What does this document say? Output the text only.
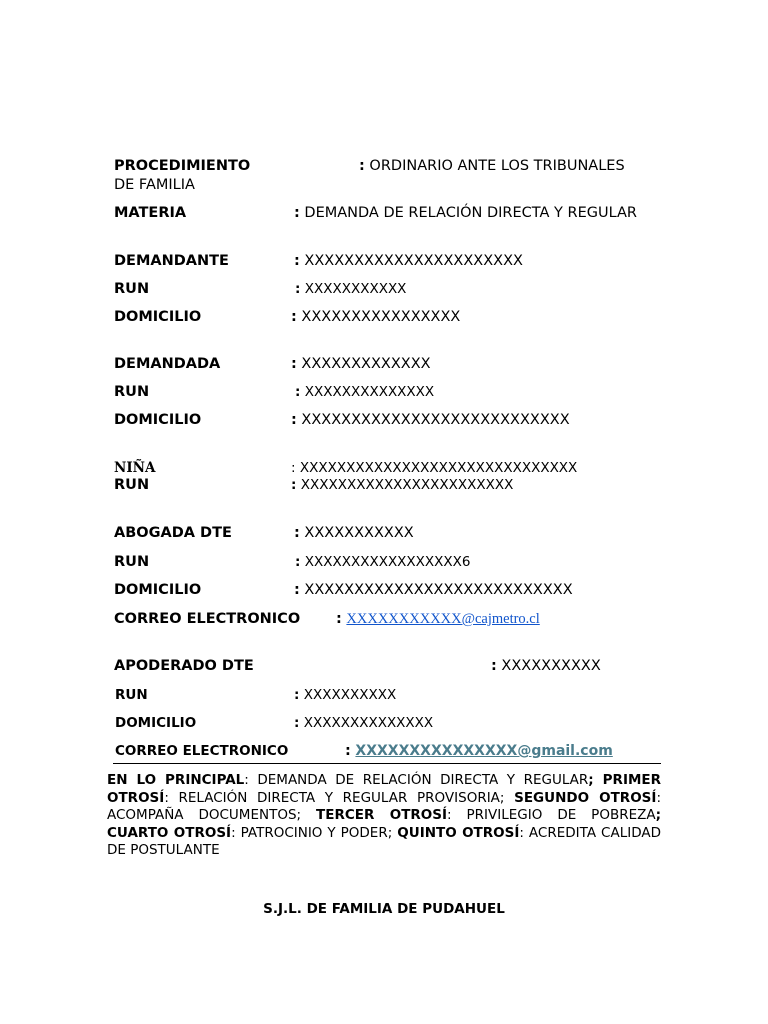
PROCEDIMIENTO	: ORDINARIO ANTE LOS TRIBUNALES
DE FAMILIA
MATERIA	: DEMANDA DE RELACIÓN DIRECTA Y REGULAR
DEMANDANTE	: XXXXXXXXXXXXXXXXXXXXXX
RUN	: XXXXXXXXXXX
DOMICILIO	: XXXXXXXXXXXXXXXX
DEMANDADA	: XXXXXXXXXXXXX
RUN	: XXXXXXXXXXXXXX
DOMICILIO	: XXXXXXXXXXXXXXXXXXXXXXXXXXX
NIÑA	: XXXXXXXXXXXXXXXXXXXXXXXXXXXXXX
RUN	: XXXXXXXXXXXXXXXXXXXXXXX
ABOGADA DTE	: XXXXXXXXXXX
RUN	: XXXXXXXXXXXXXXXXX6
DOMICILIO	: XXXXXXXXXXXXXXXXXXXXXXXXXXX
CORREO ELECTRONICO : XXXXXXXXXXX@cajmetro.cl
APODERADO DTE	: XXXXXXXXXX
RUN	: XXXXXXXXXX
DOMICILIO	: XXXXXXXXXXXXXX
CORREO ELECTRONICO	: XXXXXXXXXXXXXXX@gmail.com
EN LO PRINCIPAL: DEMANDA DE RELACIÓN DIRECTA Y REGULAR; PRIMER OTROSÍ: RELACIÓN DIRECTA Y REGULAR PROVISORIA; SEGUNDO OTROSÍ: ACOMPAÑA DOCUMENTOS; TERCER OTROSÍ: PRIVILEGIO DE POBREZA; CUARTO OTROSÍ: PATROCINIO Y PODER; QUINTO OTROSÍ: ACREDITA CALIDAD DE POSTULANTE
S.J.L. DE FAMILIA DE PUDAHUEL
